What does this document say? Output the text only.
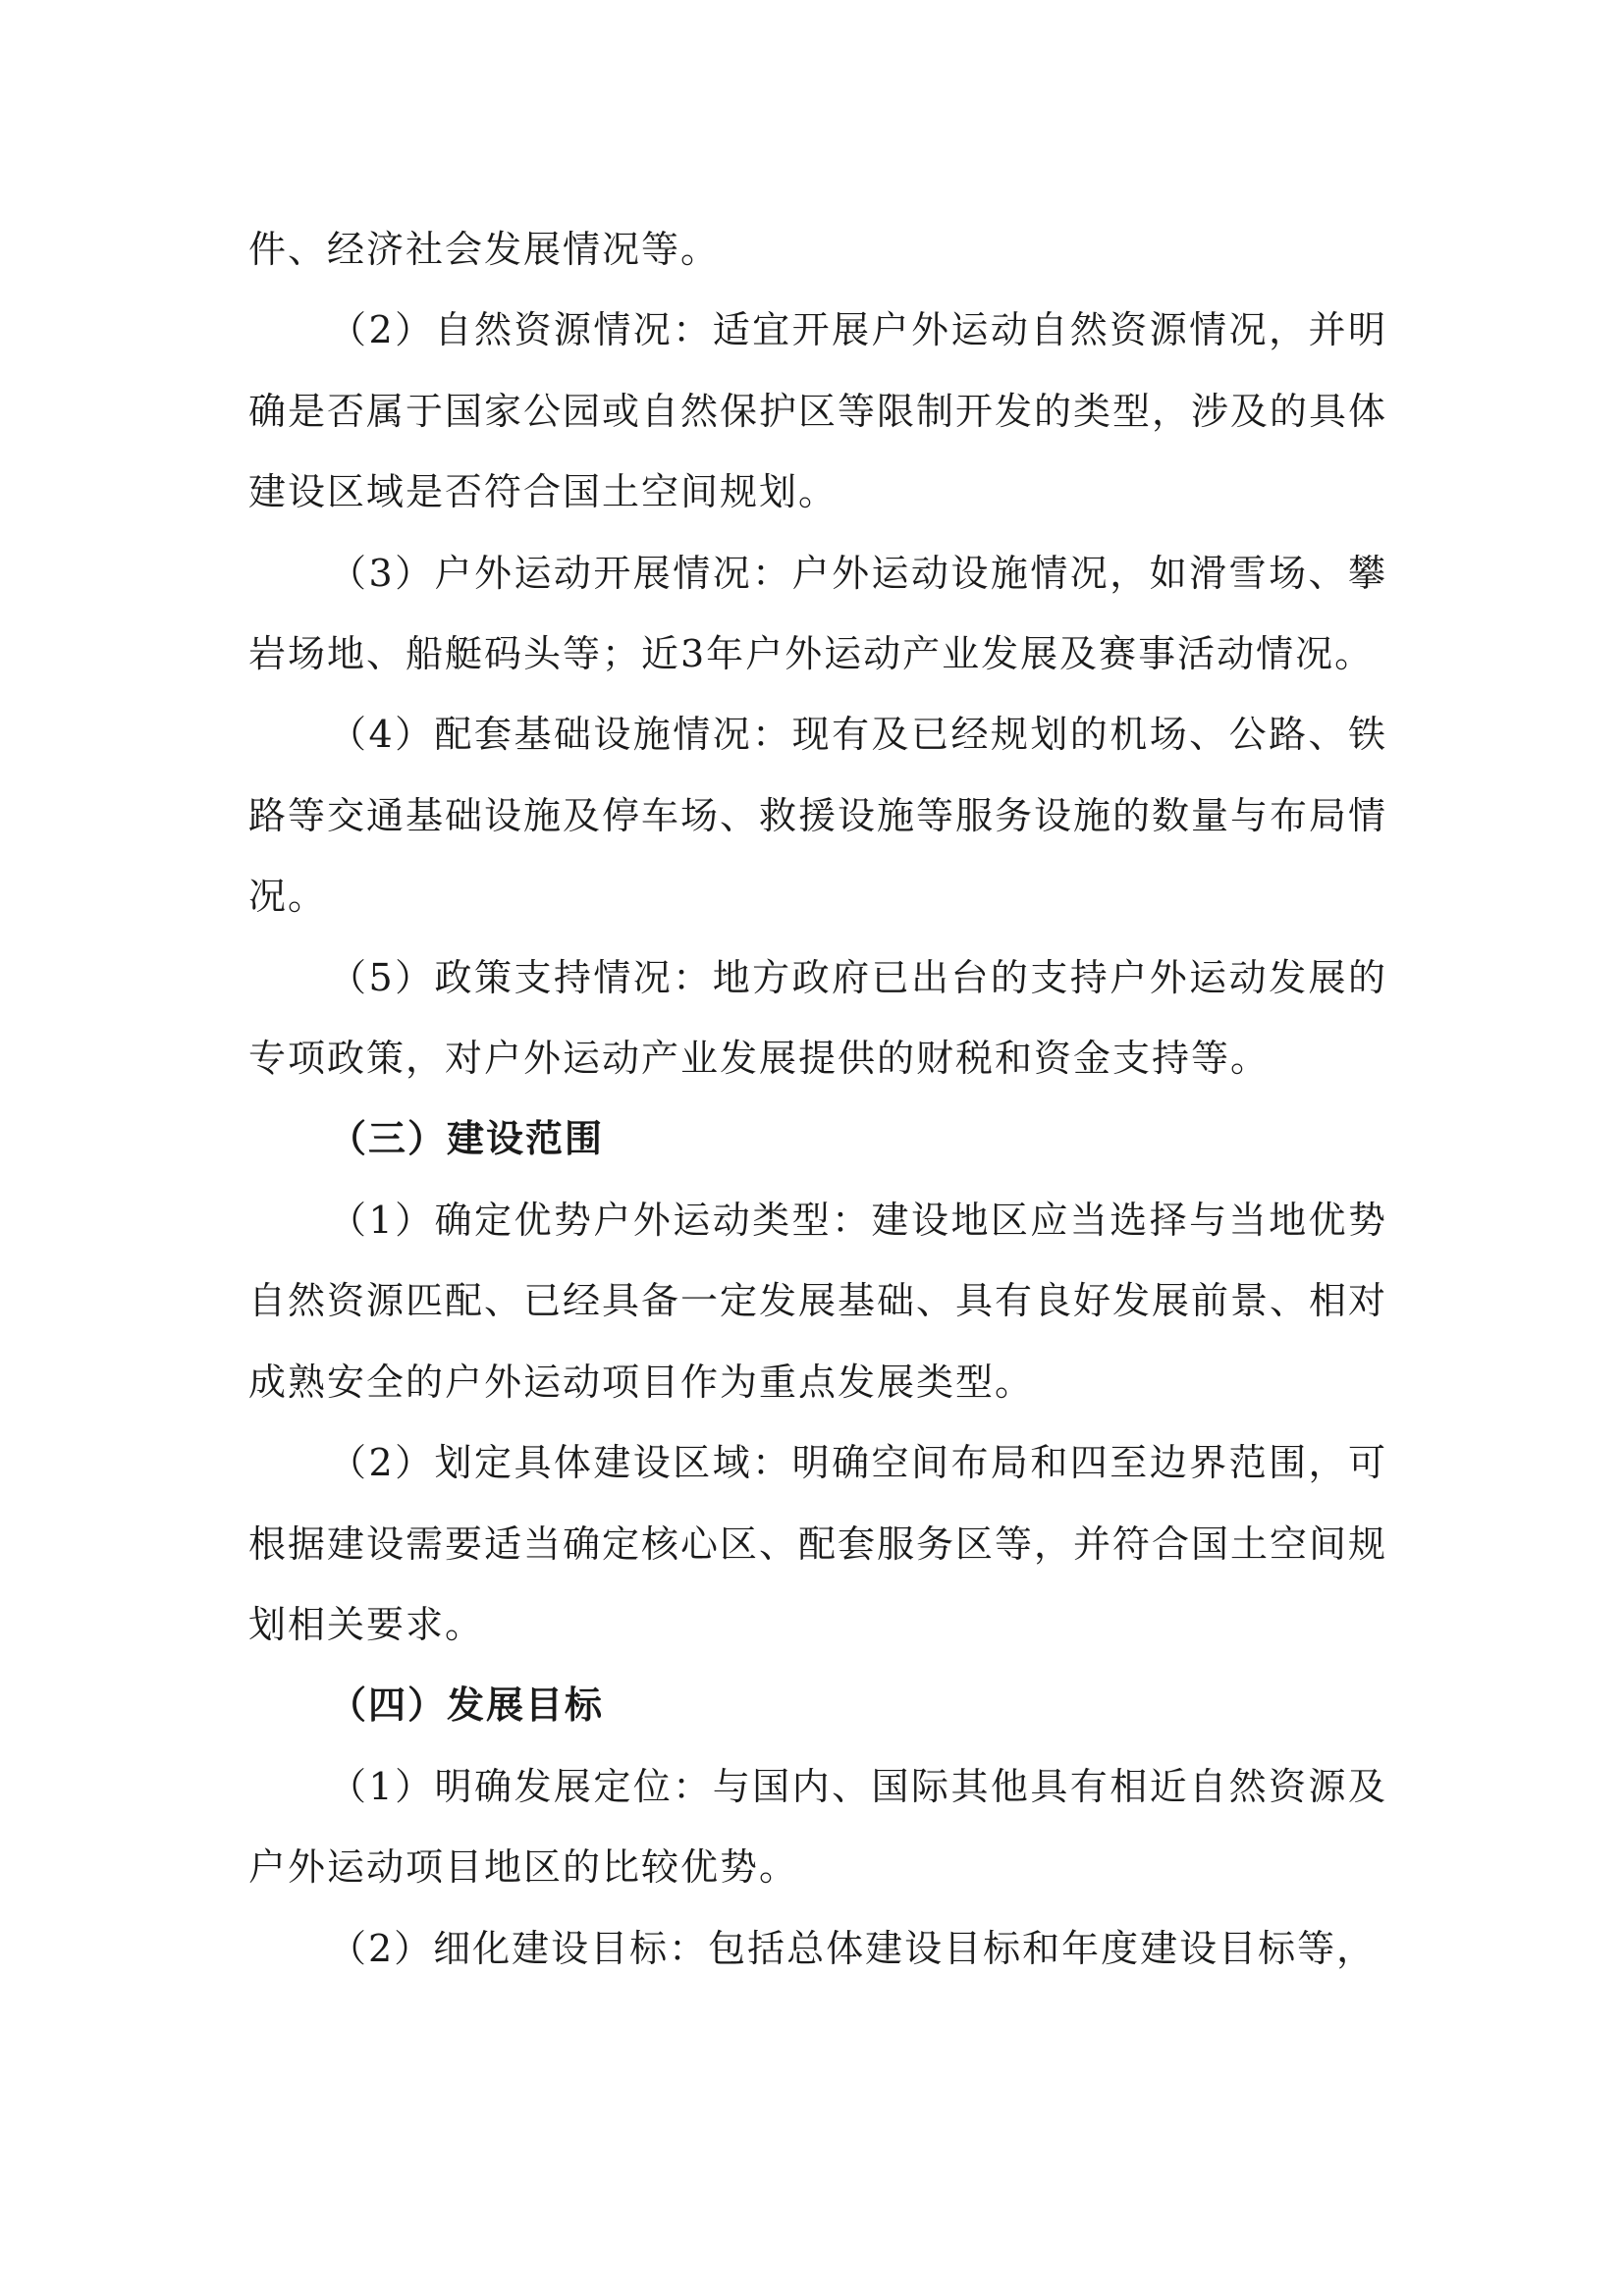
件、经济社会发展情况等。

（2）自然资源情况：适宜开展户外运动自然资源情况，并明确是否属于国家公园或自然保护区等限制开发的类型，涉及的具体建设区域是否符合国土空间规划。

（3）户外运动开展情况：户外运动设施情况，如滑雪场、攀岩场地、船艇码头等；近3年户外运动产业发展及赛事活动情况。

（4）配套基础设施情况：现有及已经规划的机场、公路、铁路等交通基础设施及停车场、救援设施等服务设施的数量与布局情况。

（5）政策支持情况：地方政府已出台的支持户外运动发展的专项政策，对户外运动产业发展提供的财税和资金支持等。

（三）建设范围

（1）确定优势户外运动类型：建设地区应当选择与当地优势自然资源匹配、已经具备一定发展基础、具有良好发展前景、相对成熟安全的户外运动项目作为重点发展类型。

（2）划定具体建设区域：明确空间布局和四至边界范围，可根据建设需要适当确定核心区、配套服务区等，并符合国土空间规划相关要求。

（四）发展目标

（1）明确发展定位：与国内、国际其他具有相近自然资源及户外运动项目地区的比较优势。

（2）细化建设目标：包括总体建设目标和年度建设目标等，
